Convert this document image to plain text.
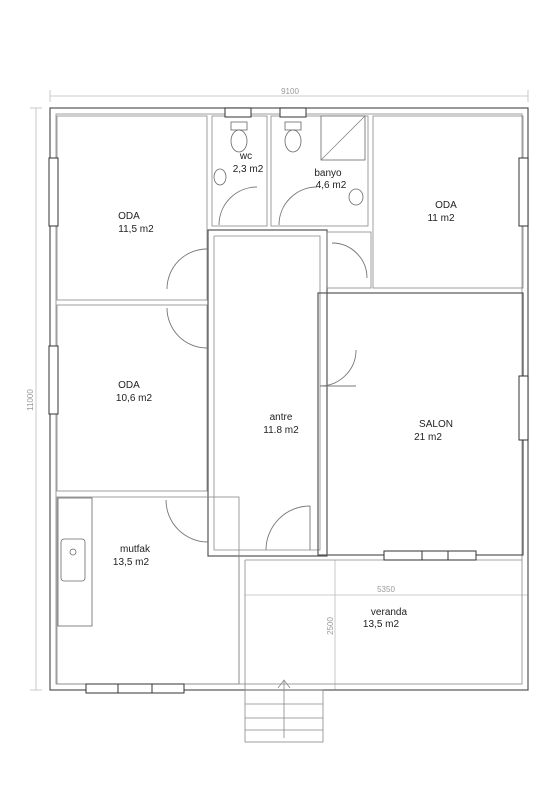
9100
11000
5350
2500
ODA
11,5 m2
wc
2,3 m2	banyo
4,6 m2
ODA
11 m2
ODA
10,6 m2
antre
11.8 m2
SALON
21 m2
mutfak
13,5 m2
veranda
13,5 m2
